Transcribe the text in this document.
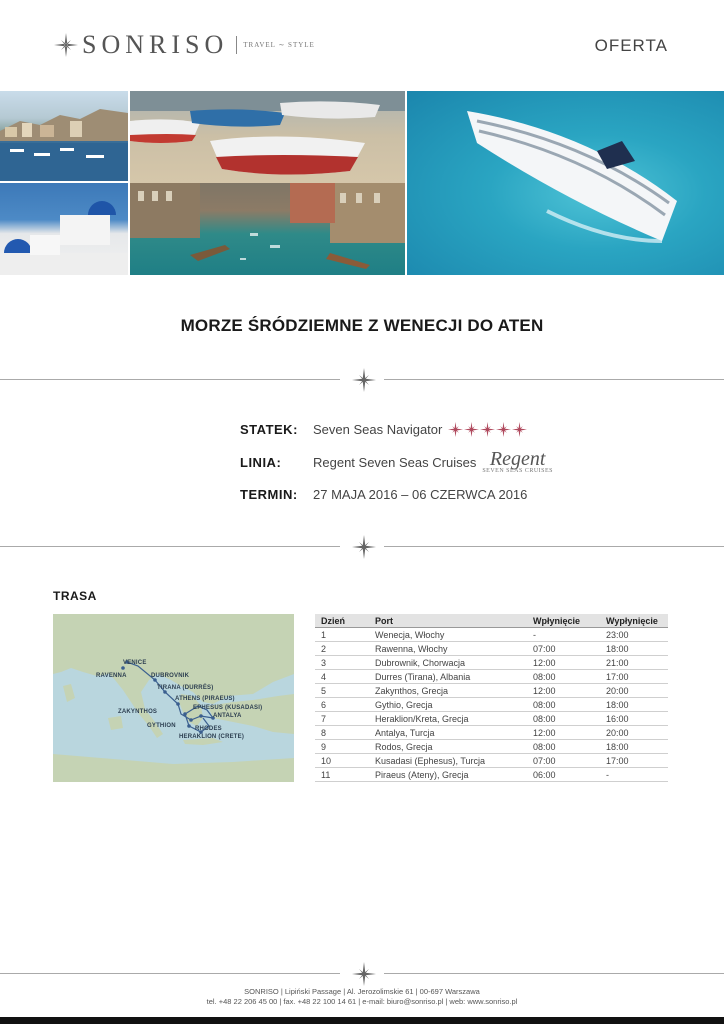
SONRISO TRAVEL ∼ STYLE	OFERTA
MORZE ŚRÓDZIEMNE Z WENECJI DO ATEN
STATEK:	Seven Seas Navigator
LINIA:	Regent Seven Seas Cruises Regent
SEVEN SEAS CRUISES
TERMIN:	27 MAJA 2016 – 06 CZERWCA 2016
TRASA
VENICE
RAVENNA	DUBROVNIK
TIRANA (DURRËS)
ATHENS (PIRAEUS)
EPHESUS (KUSADASI)
ZAKYNTHOS
ANTALYA
GYTHION	RHODES
HERAKLION (CRETE)
Dzień	Port	Wpłynięcie	Wypłynięcie
1	Wenecja, Włochy	-	23:00
2	Rawenna, Włochy	07:00	18:00
3	Dubrownik, Chorwacja	12:00	21:00
4	Durres (Tirana), Albania	08:00	17:00
5	Zakynthos, Grecja	12:00	20:00
6	Gythio, Grecja	08:00	18:00
7	Heraklion/Kreta, Grecja	08:00	16:00
8	Antalya, Turcja	12:00	20:00
9	Rodos, Grecja	08:00	18:00
10	Kusadasi (Ephesus), Turcja	07:00	17:00
11	Piraeus (Ateny), Grecja	06:00	-
SONRISO | Lipiński Passage | Al. Jerozolimskie 61 | 00-697 Warszawa
tel. +48 22 206 45 00 | fax. +48 22 100 14 61 | e-mail: biuro@sonriso.pl | web: www.sonriso.pl
